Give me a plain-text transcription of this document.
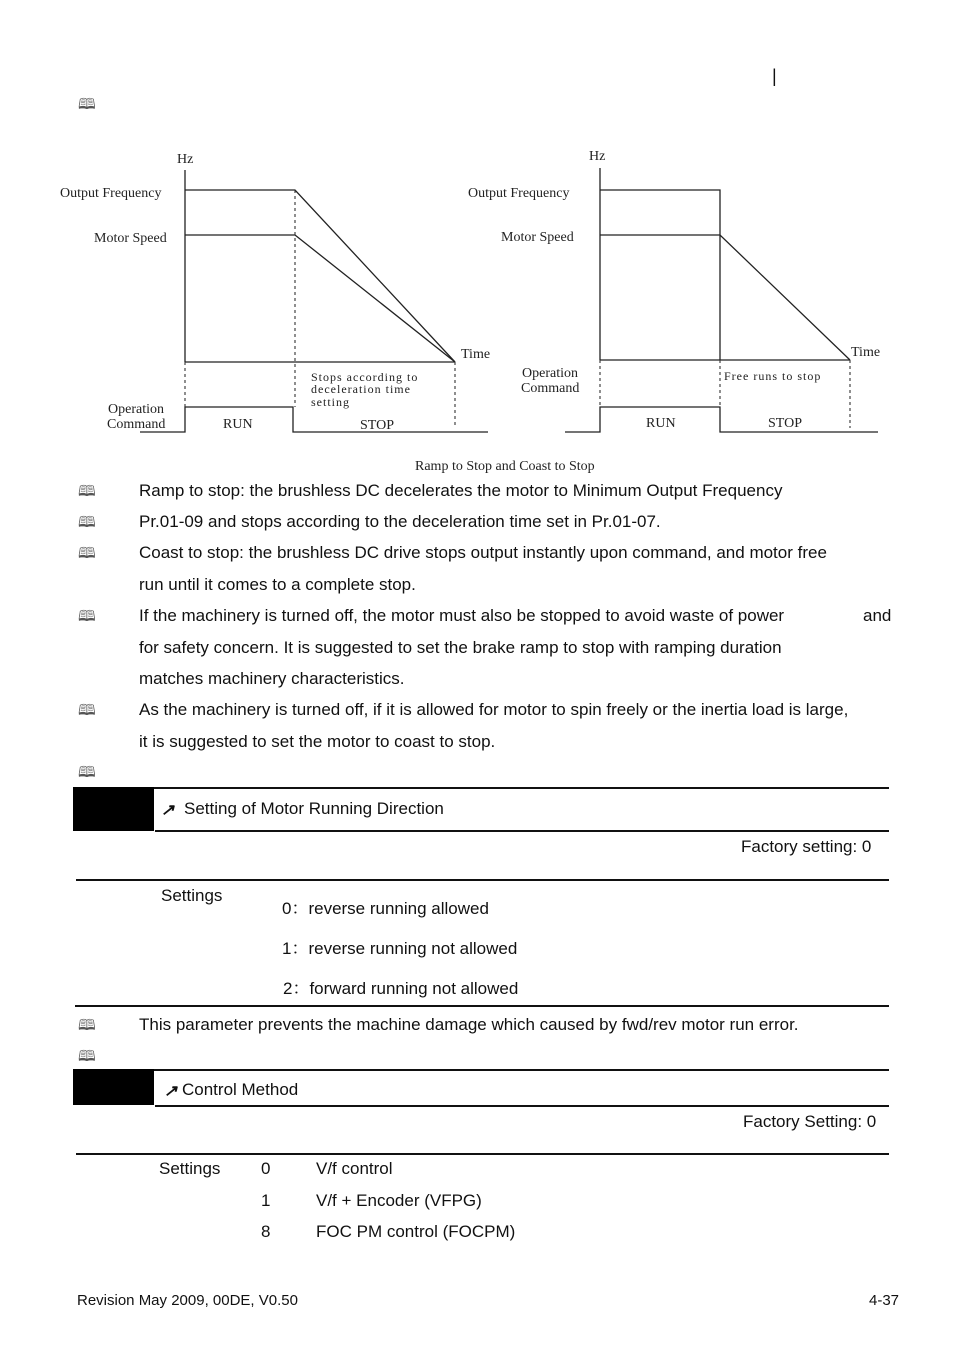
|
🕮
Hz
Output Frequency
Motor Speed
Time
Operation
Command	RUN	STOP
Stops according to
deceleration time
setting
Hz
Output Frequency
Motor Speed
Time
Operation
Command
RUN	STOP
Free runs to stop
Ramp to Stop and Coast to Stop
🕮	Ramp to stop: the brushless DC decelerates the motor to Minimum Output Frequency
🕮	Pr.01-09 and stops according to the deceleration time set in Pr.01-07.
🕮	Coast to stop: the brushless DC drive stops output instantly upon command, and motor free
run until it comes to a complete stop.
🕮	If the machinery is turned off, the motor must also be stopped to avoid waste of power	and
for safety concern. It is suggested to set the brake ramp to stop with ramping duration
matches machinery characteristics.
🕮	As the machinery is turned off, if it is allowed for motor to spin freely or the inertia load is large,
it is suggested to set the motor to coast to stop.
🕮
↗︎ Setting of Motor Running Direction
Factory setting: 0
Settings
0：reverse running allowed
1：reverse running not allowed
2：forward running not allowed
🕮	This parameter prevents the machine damage which caused by fwd/rev motor run error.
🕮
↗︎ Control Method
Factory Setting: 0
Settings 0	V/f control
1	V/f + Encoder (VFPG)
8	FOC PM control (FOCPM)
Revision May 2009, 00DE, V0.50	4-37
